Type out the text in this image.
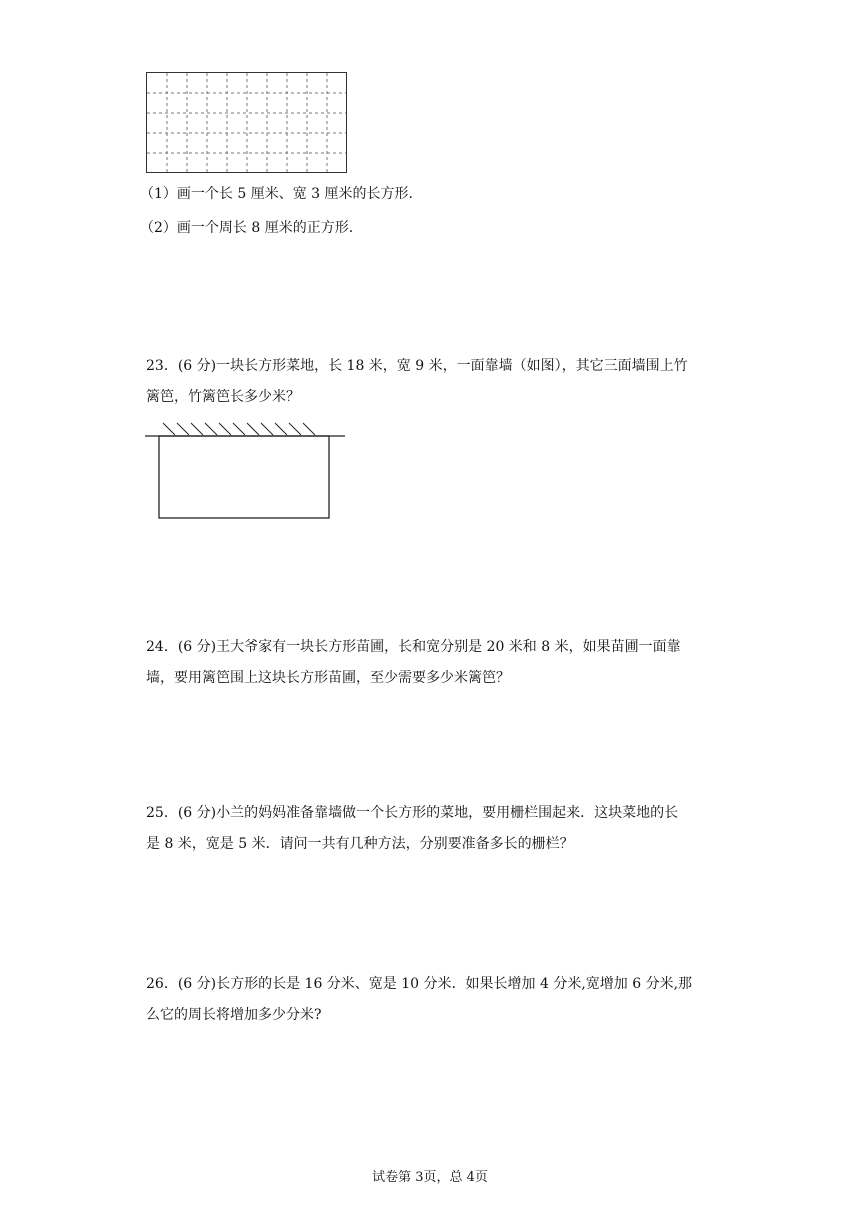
（1）画一个长 5 厘米、宽 3 厘米的长方形.
（2）画一个周长 8 厘米的正方形.
23．(6 分)一块长方形菜地，长 18 米，宽 9 米，一面靠墙（如图），其它三面墙围上竹
篱笆，竹篱笆长多少米？
24．(6 分)王大爷家有一块长方形苗圃，长和宽分别是 20 米和 8 米，如果苗圃一面靠
墙，要用篱笆围上这块长方形苗圃，至少需要多少米篱笆？
25．(6 分)小兰的妈妈准备靠墙做一个长方形的菜地，要用栅栏围起来．这块菜地的长
是 8 米，宽是 5 米．请问一共有几种方法，分别要准备多长的栅栏？
26．(6 分)长方形的长是 16 分米、宽是 10 分米．如果长增加 4 分米,宽增加 6 分米,那
么它的周长将增加多少分米?
试卷第 3页，总 4页
